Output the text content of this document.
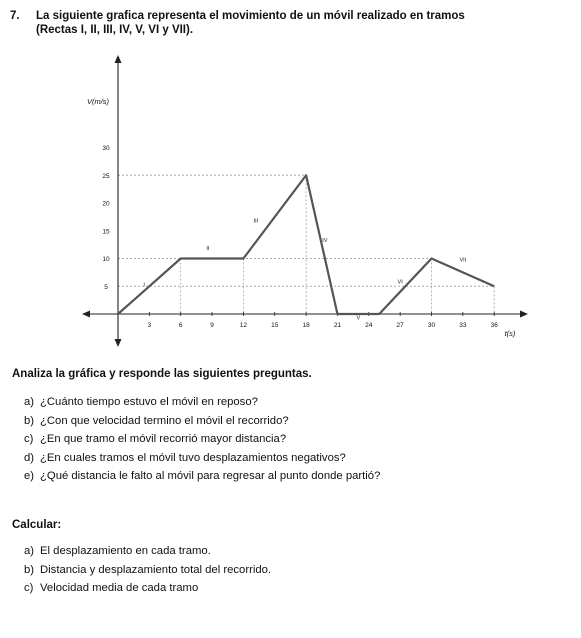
7. La siguiente grafica representa el movimiento de un móvil realizado en tramos
(Rectas I, II, III, IV, V, VI y VII).
3	6	9	12	15	18	21	24	27	30	33	36
5
10
15
20
25
30
V(m/s)
t(s)
I
II
III
IV
V
VI
VII
Analiza la gráfica y responde las siguientes preguntas.
a) ¿Cuánto tiempo estuvo el móvil en reposo?
b) ¿Con que velocidad termino el móvil el recorrido?
c) ¿En que tramo el móvil recorrió mayor distancia?
d) ¿En cuales tramos el móvil tuvo desplazamientos negativos?
e) ¿Qué distancia le falto al móvil para regresar al punto donde partió?
Calcular:
a) El desplazamiento en cada tramo.
b) Distancia y desplazamiento total del recorrido.
c) Velocidad media de cada tramo
